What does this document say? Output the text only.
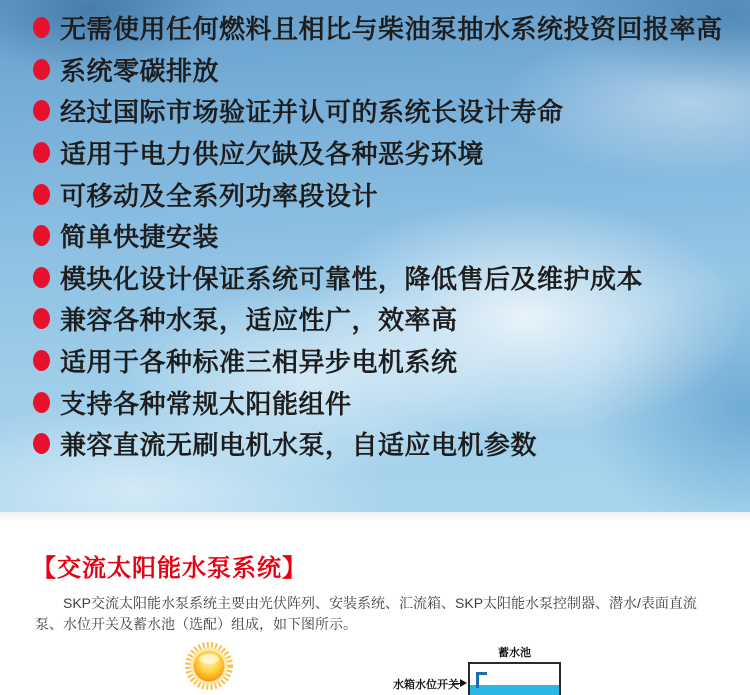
无需使用任何燃料且相比与柴油泵抽水系统投资回报率高
系统零碳排放
经过国际市场验证并认可的系统长设计寿命
适用于电力供应欠缺及各种恶劣环境
可移动及全系列功率段设计
简单快捷安装
模块化设计保证系统可靠性，降低售后及维护成本
兼容各种水泵，适应性广，效率高
适用于各种标准三相异步电机系统
支持各种常规太阳能组件
兼容直流无刷电机水泵，自适应电机参数
【交流太阳能水泵系统】

SKP交流太阳能水泵系统主要由光伏阵列、安装系统、汇流箱、SKP太阳能水泵控制器、潜水/表面直流泵、水位开关及蓄水池（选配）组成，如下图所示。

蓄水池
水箱水位开关
